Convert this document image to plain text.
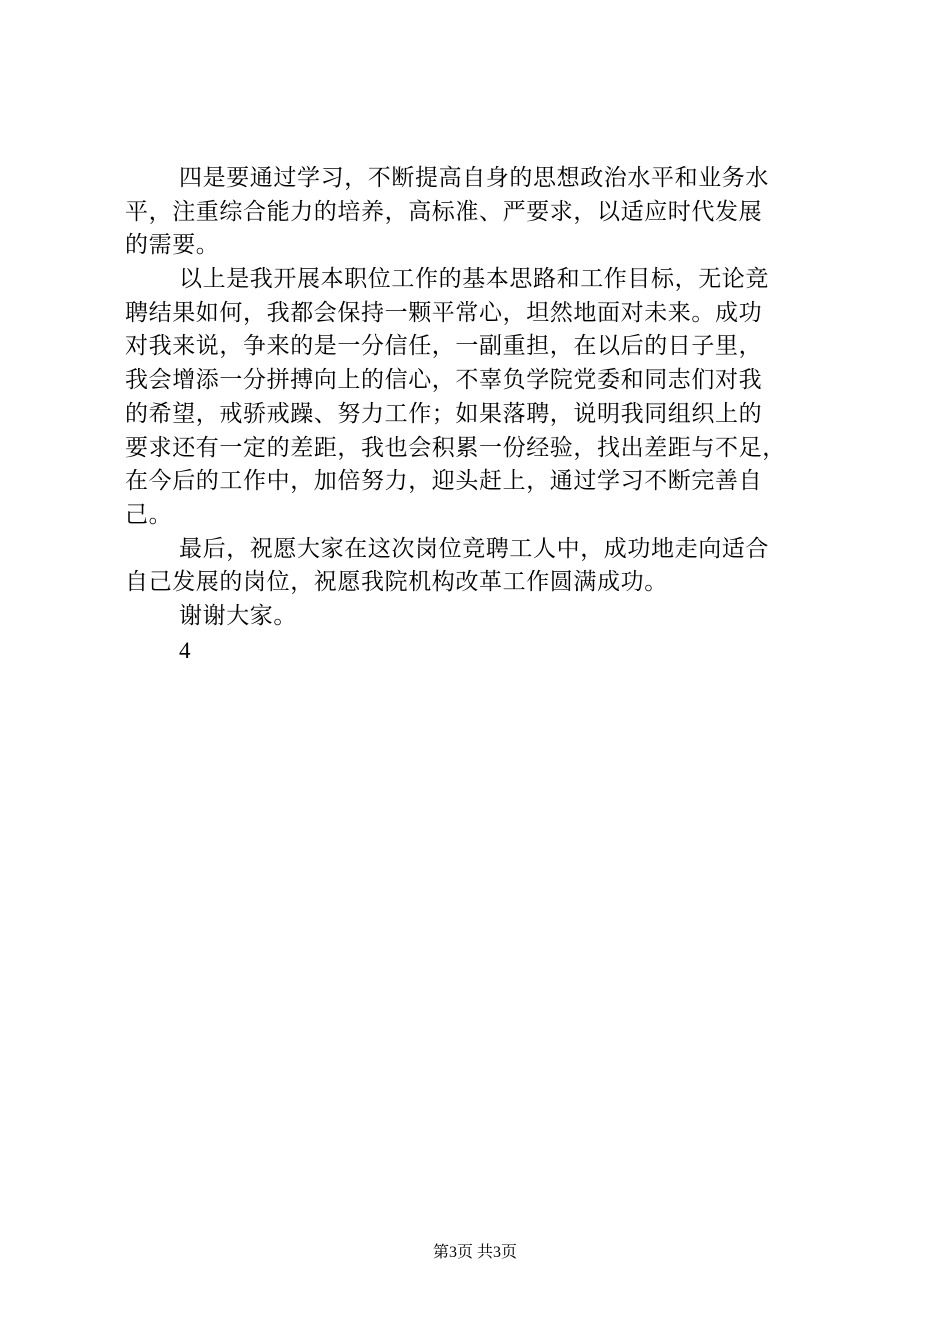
四是要通过学习，不断提高自身的思想政治水平和业务水
平，注重综合能力的培养，高标准、严要求，以适应时代发展
的需要。
以上是我开展本职位工作的基本思路和工作目标，无论竞
聘结果如何，我都会保持一颗平常心，坦然地面对未来。成功
对我来说，争来的是一分信任，一副重担，在以后的日子里，
我会增添一分拼搏向上的信心，不辜负学院党委和同志们对我
的希望，戒骄戒躁、努力工作；如果落聘，说明我同组织上的
要求还有一定的差距，我也会积累一份经验，找出差距与不足，
在今后的工作中，加倍努力，迎头赶上，通过学习不断完善自
己。
最后，祝愿大家在这次岗位竞聘工人中，成功地走向适合
自己发展的岗位，祝愿我院机构改革工作圆满成功。
谢谢大家。
4
第3页 共3页
